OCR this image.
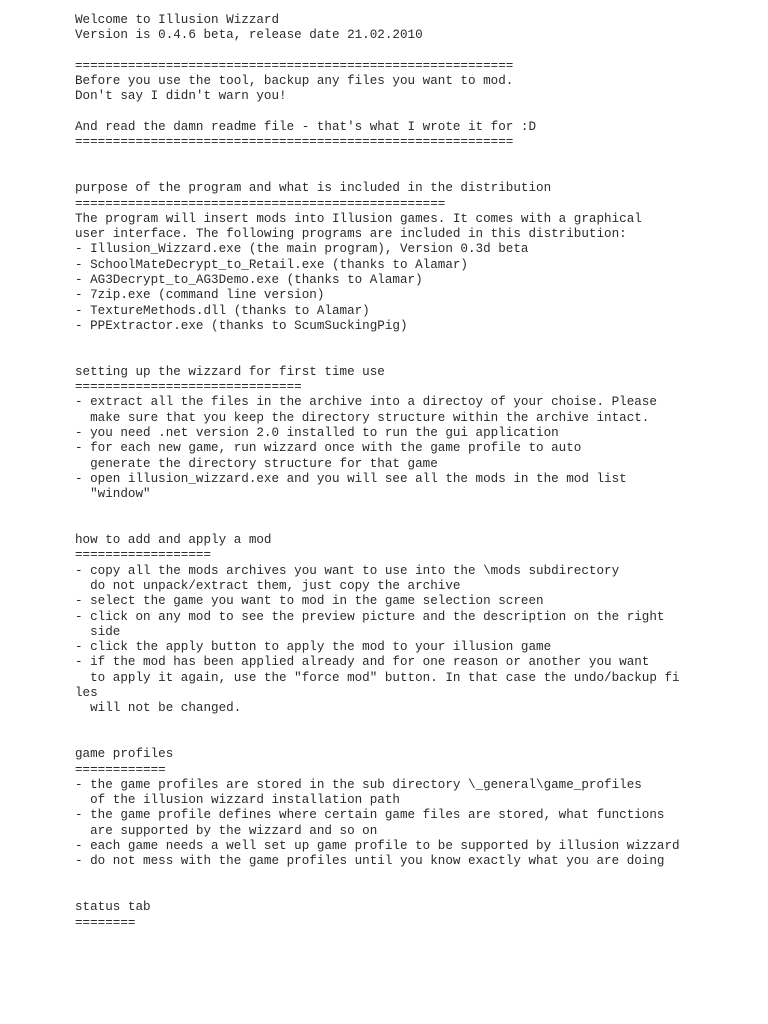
Welcome to Illusion Wizzard
Version is 0.4.6 beta, release date 21.02.2010
==========================================================
Before you use the tool, backup any files you want to mod.
Don't say I didn't warn you!
And read the damn readme file - that's what I wrote it for :D
==========================================================
purpose of the program and what is included in the distribution
=================================================
The program will insert mods into Illusion games. It comes with a graphical
user interface. The following programs are included in this distribution:
- Illusion_Wizzard.exe (the main program), Version 0.3d beta
- SchoolMateDecrypt_to_Retail.exe (thanks to Alamar)
- AG3Decrypt_to_AG3Demo.exe (thanks to Alamar)
- 7zip.exe (command line version)
- TextureMethods.dll (thanks to Alamar)
- PPExtractor.exe (thanks to ScumSuckingPig)
setting up the wizzard for first time use
==============================
- extract all the files in the archive into a directoy of your choise. Please
make sure that you keep the directory structure within the archive intact.
- you need .net version 2.0 installed to run the gui application
- for each new game, run wizzard once with the game profile to auto
generate the directory structure for that game
- open illusion_wizzard.exe and you will see all the mods in the mod list
"window"
how to add and apply a mod
==================
- copy all the mods archives you want to use into the \mods subdirectory
do not unpack/extract them, just copy the archive
- select the game you want to mod in the game selection screen
- click on any mod to see the preview picture and the description on the right
side
- click the apply button to apply the mod to your illusion game
- if the mod has been applied already and for one reason or another you want
to apply it again, use the "force mod" button. In that case the undo/backup fi
les
will not be changed.
game profiles
============
- the game profiles are stored in the sub directory \_general\game_profiles
of the illusion wizzard installation path
- the game profile defines where certain game files are stored, what functions
are supported by the wizzard and so on
- each game needs a well set up game profile to be supported by illusion wizzard
- do not mess with the game profiles until you know exactly what you are doing
status tab
========
